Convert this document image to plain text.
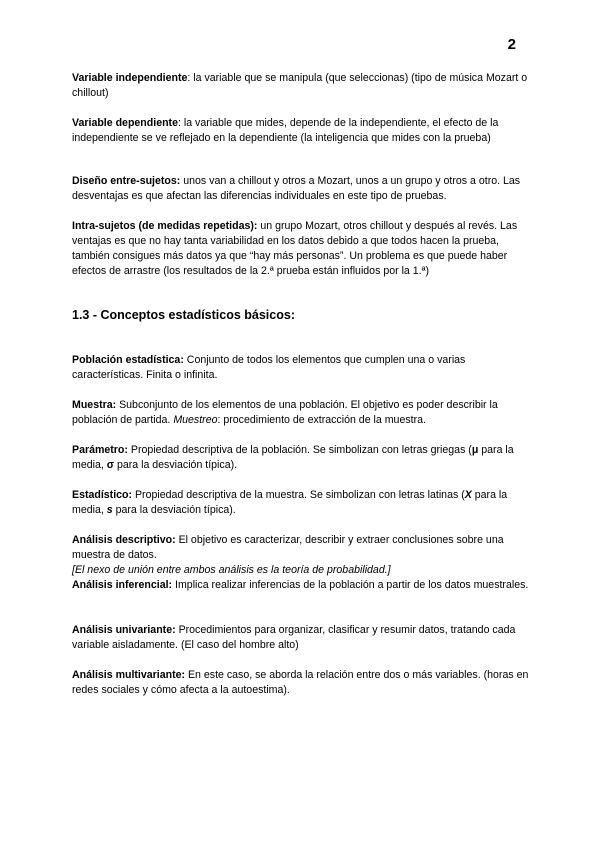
2

Variable independiente: la variable que se manipula (que seleccionas) (tipo de música Mozart o chillout)

Variable dependiente: la variable que mides, depende de la independiente, el efecto de la independiente se ve reflejado en la dependiente (la inteligencia que mides con la prueba)

Diseño entre-sujetos: unos van a chillout y otros a Mozart, unos a un grupo y otros a otro. Las desventajas es que afectan las diferencias individuales en este tipo de pruebas.

Intra-sujetos (de medidas repetidas): un grupo Mozart, otros chillout y después al revés. Las ventajas es que no hay tanta variabilidad en los datos debido a que todos hacen la prueba, también consigues más datos ya que “hay más personas”. Un problema es que puede haber efectos de arrastre (los resultados de la 2.ª prueba están influidos por la 1.ª)

1.3 - Conceptos estadísticos básicos:

Población estadística: Conjunto de todos los elementos que cumplen una o varias características. Finita o infinita.

Muestra: Subconjunto de los elementos de una población. El objetivo es poder describir la población de partida. Muestreo: procedimiento de extracción de la muestra.

Parámetro: Propiedad descriptiva de la población. Se simbolizan con letras griegas (μ para la media, σ para la desviación típica).

Estadístico: Propiedad descriptiva de la muestra. Se simbolizan con letras latinas (X para la media, s para la desviación típica).

Análisis descriptivo: El objetivo es caracterizar, describir y extraer conclusiones sobre una muestra de datos.

[El nexo de unión entre ambos análisis es la teoría de probabilidad.]

Análisis inferencial: Implica realizar inferencias de la población a partir de los datos muestrales.

Análisis univariante: Procedimientos para organizar, clasificar y resumir datos, tratando cada variable aisladamente. (El caso del hombre alto)

Análisis multivariante: En este caso, se aborda la relación entre dos o más variables. (horas en redes sociales y cómo afecta a la autoestima).
